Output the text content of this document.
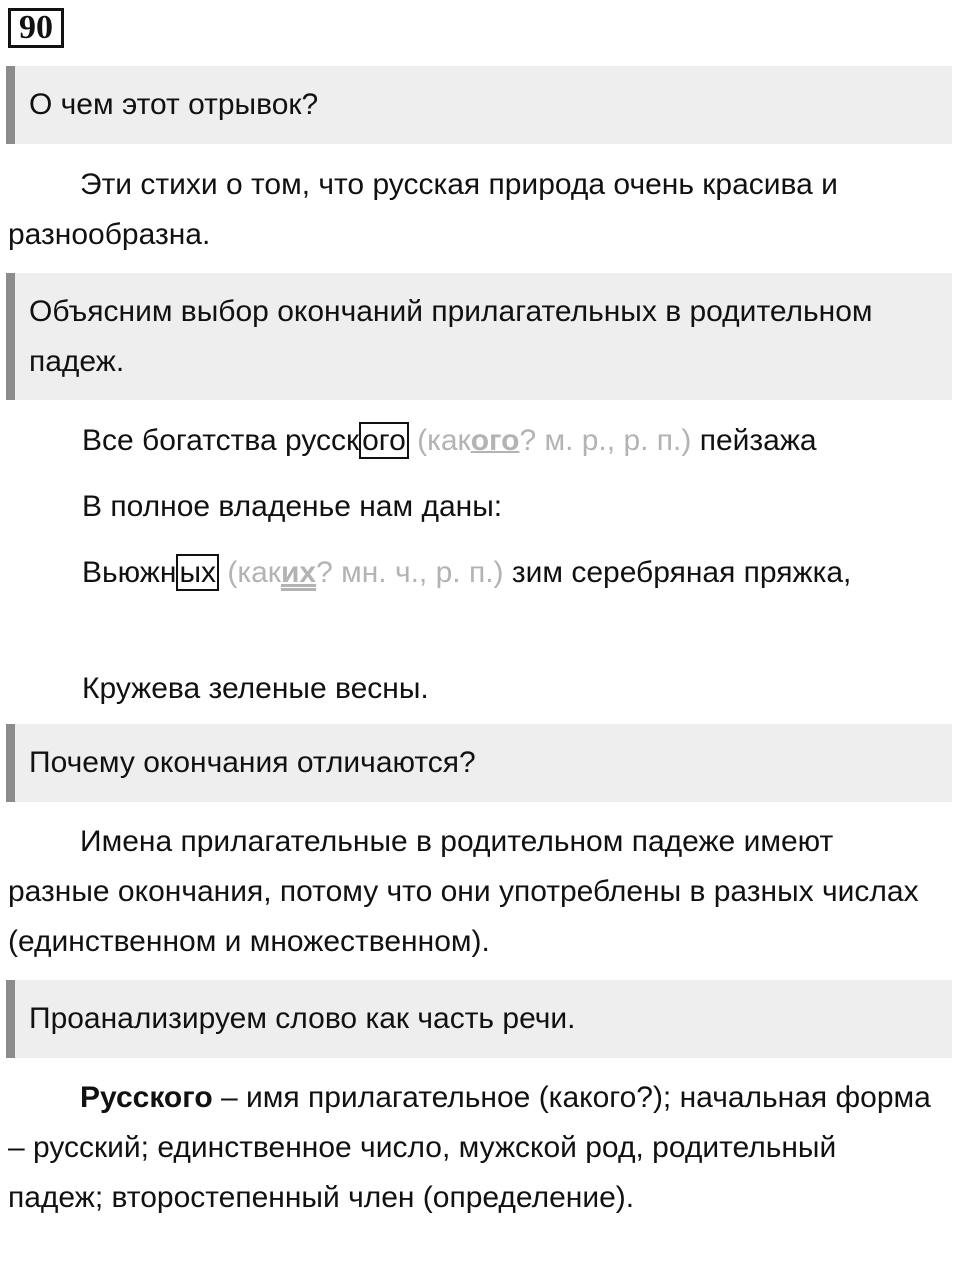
90
О чем этот отрывок?

Эти стихи о том, что русская природа очень красива и разнообразна.

Объясним выбор окончаний прилагательных в родительном падеж.

Все богатства русск ого (какого? м. р., р. п.) пейзажа

В полное владенье нам даны:

Вьюжн ых (каких? мн. ч., р. п.) зим серебряная пряжка,

Кружева зеленые весны.

Почему окончания отличаются?

Имена прилагательные в родительном падеже имеют разные окончания, потому что они употреблены в разных числах (единственном и множественном).

Проанализируем слово как часть речи.

Русского – имя прилагательное (какого?); начальная форма – русский; единственное число, мужской род, родительный падеж; второстепенный член (определение).
